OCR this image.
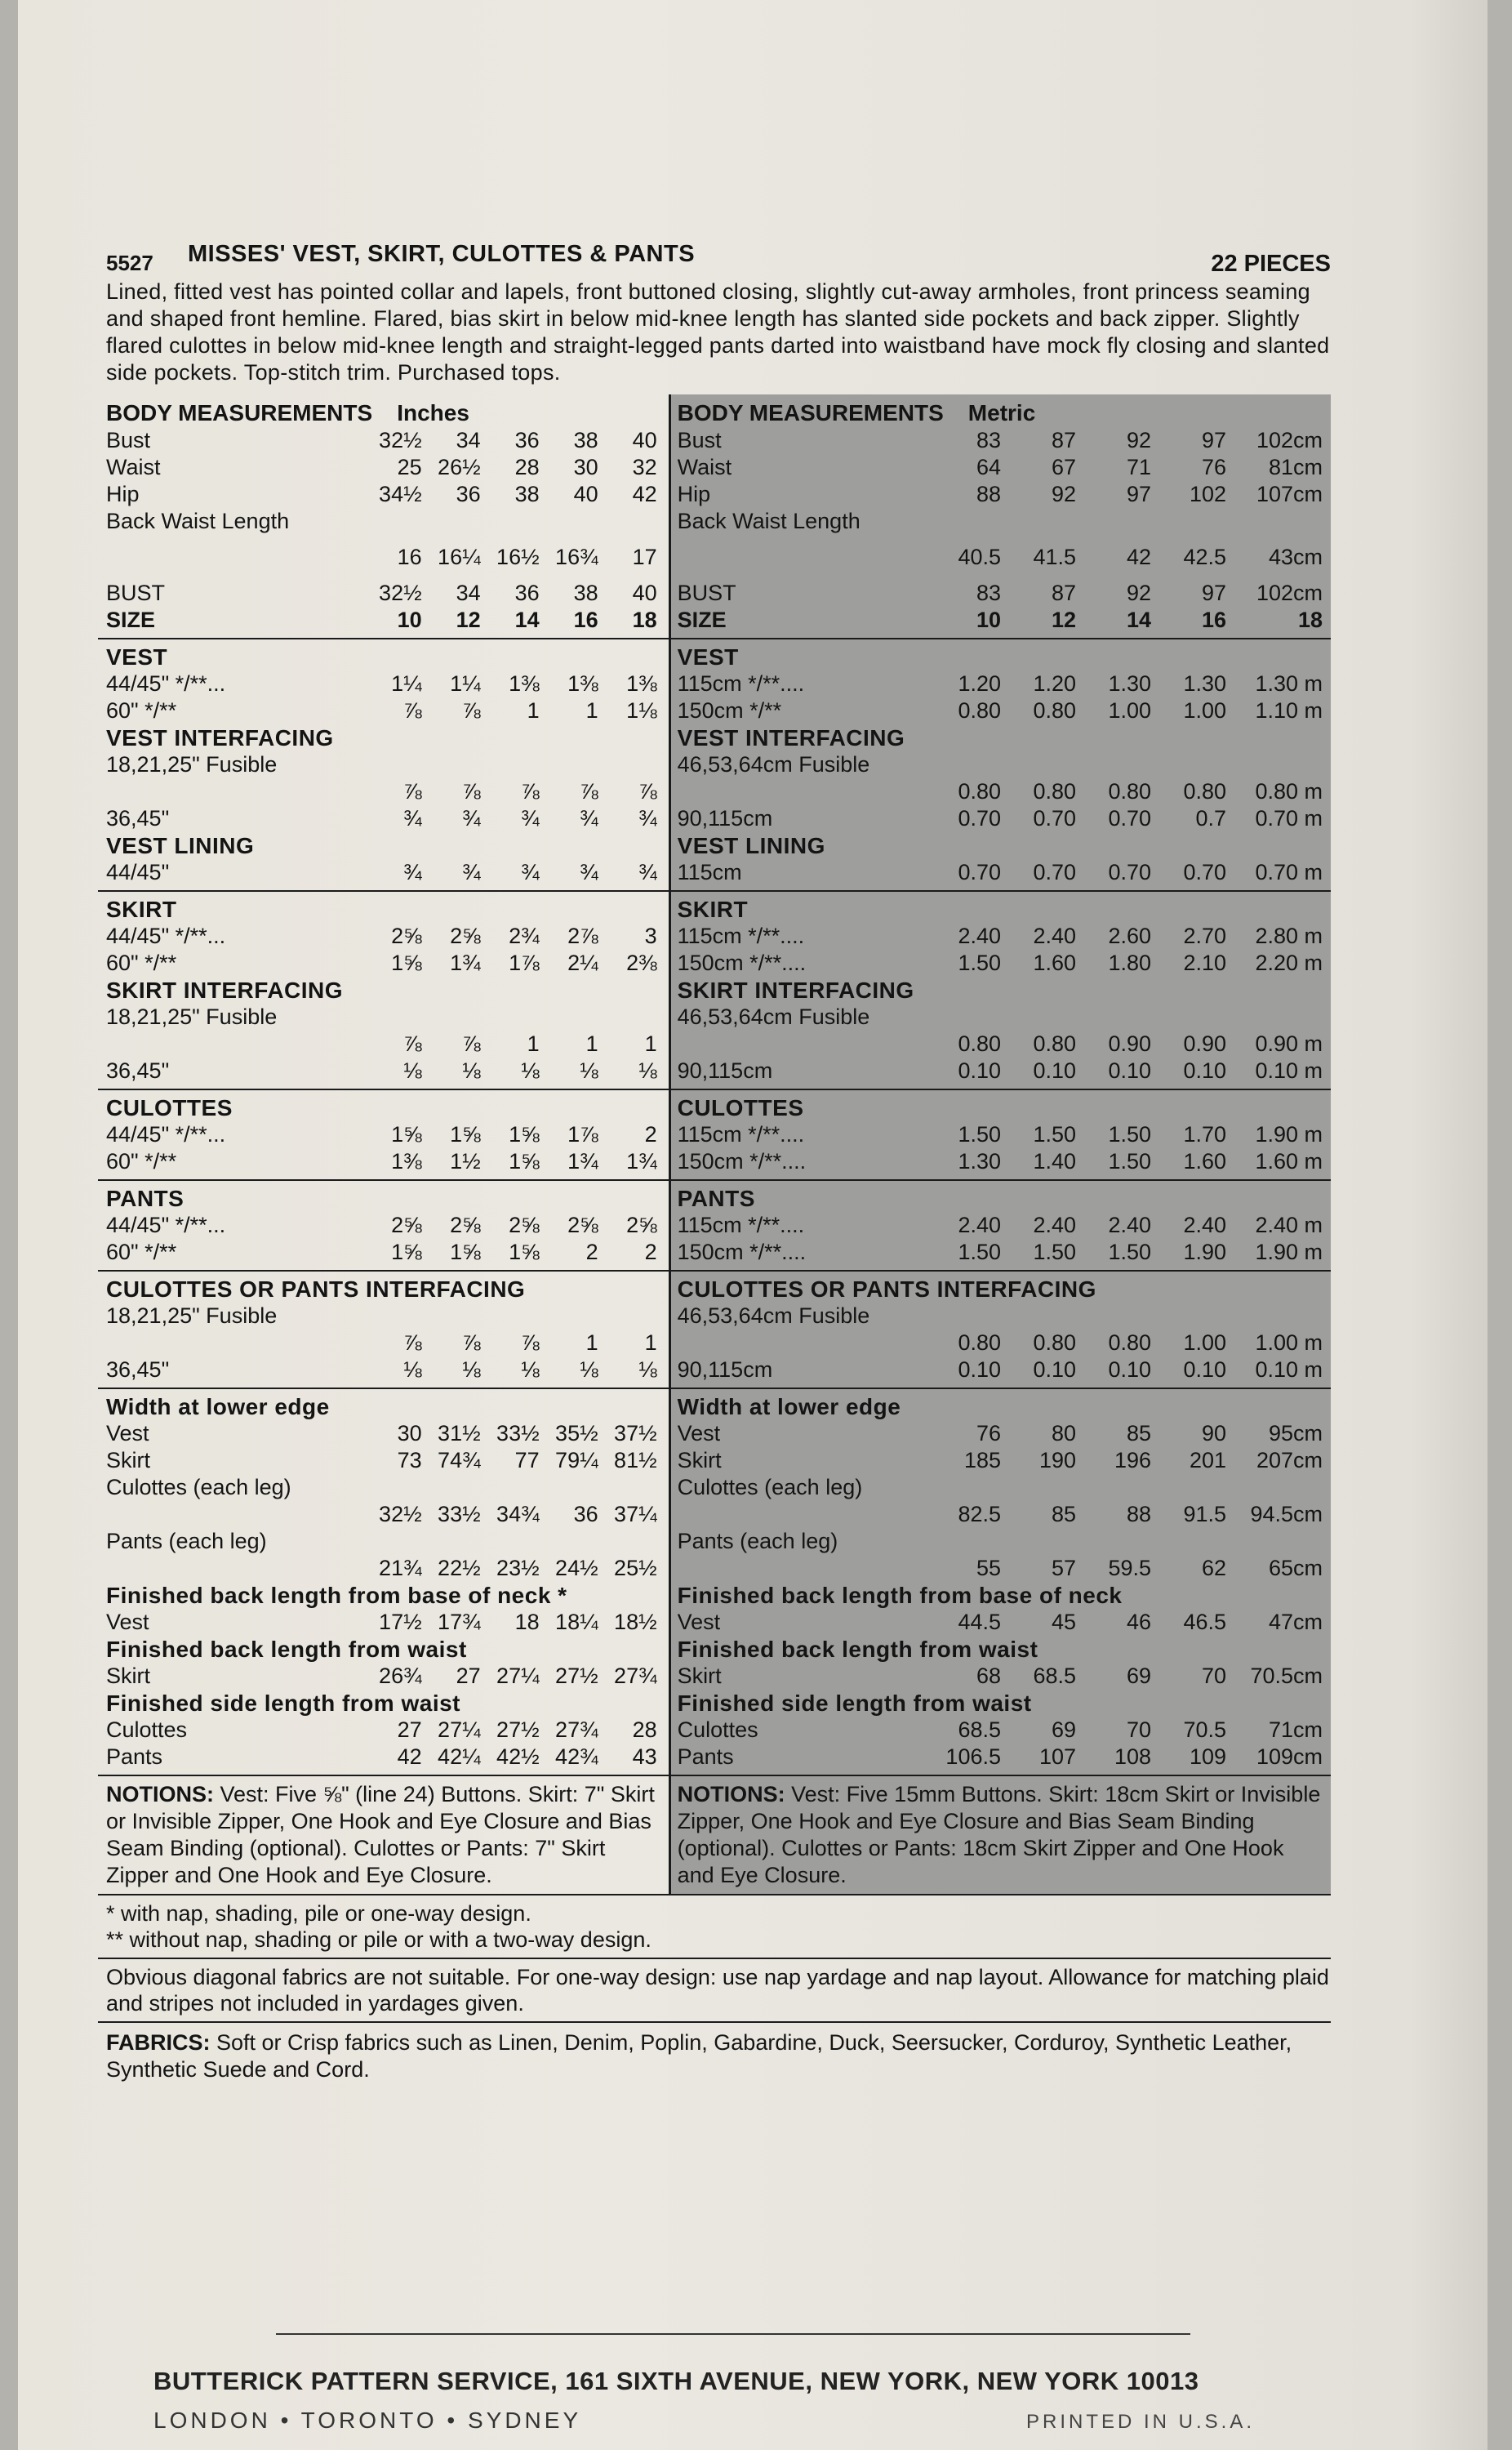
5527 MISSES' VEST, SKIRT, CULOTTES & PANTS	22 PIECES
Lined, fitted vest has pointed collar and lapels, front buttoned closing, slightly cut-away armholes, front princess seaming and shaped front hemline. Flared, bias skirt in below mid-knee length has slanted side pockets and back zipper. Slightly flared culottes in below mid-knee length and straight-legged pants darted into waistband have mock fly closing and slanted side pockets. Top-stitch trim. Purchased tops.
BODY MEASUREMENTS Inches
Bust	32½	34	36	38	40
Waist	25 26½	28	30	32
Hip	34½	36	38	40	42
Back Waist Length
16 16¼ 16½ 16¾	17
BUST	32½	34	36	38	40
SIZE	10	12	14	16	18
VEST
44/45" */**...	1¼	1¼	1⅜	1⅜	1⅜
60" */**	⅞	⅞	1	1	1⅛
VEST INTERFACING
18,21,25" Fusible
⅞	⅞	⅞	⅞	⅞
36,45"	¾	¾	¾	¾	¾
VEST LINING
44/45"	¾	¾	¾	¾	¾
SKIRT
44/45" */**...	2⅝	2⅝	2¾	2⅞	3
60" */**	1⅝	1¾	1⅞	2¼	2⅜
SKIRT INTERFACING
18,21,25" Fusible
⅞	⅞	1	1	1
36,45"	⅛	⅛	⅛	⅛	⅛
CULOTTES
44/45" */**...	1⅝	1⅝	1⅝	1⅞	2
60" */**	1⅜	1½	1⅝	1¾	1¾
PANTS
44/45" */**...	2⅝	2⅝	2⅝	2⅝	2⅝
60" */**	1⅝	1⅝	1⅝	2	2
CULOTTES OR PANTS INTERFACING
18,21,25" Fusible
⅞	⅞	⅞	1	1
36,45"	⅛	⅛	⅛	⅛	⅛
Width at lower edge
Vest	30 31½ 33½ 35½ 37½
Skirt	73 74¾	77 79¼ 81½
Culottes (each leg)
32½ 33½ 34¾	36 37¼
Pants (each leg)
21¾ 22½ 23½ 24½ 25½
Finished back length from base of neck *
Vest	17½ 17¾	18 18¼ 18½
Finished back length from waist
Skirt	26¾	27 27¼ 27½ 27¾
Finished side length from waist
Culottes	27 27¼ 27½ 27¾	28
Pants	42 42¼ 42½ 42¾	43
NOTIONS: Vest: Five ⅝" (line 24) Buttons. Skirt: 7" Skirt or Invisible Zipper, One Hook and Eye Closure and Bias Seam Binding (optional). Culottes or Pants: 7" Skirt Zipper and One Hook and Eye Closure.
BODY MEASUREMENTS Metric
Bust	83	87	92	97	102cm
Waist	64	67	71	76	81cm
Hip	88	92	97	102	107cm
Back Waist Length
40.5	41.5	42	42.5	43cm
BUST	83	87	92	97	102cm
SIZE	10	12	14	16	18
VEST
115cm */**....	1.20	1.20	1.30	1.30	1.30 m
150cm */**	0.80	0.80	1.00	1.00	1.10 m
VEST INTERFACING
46,53,64cm Fusible
0.80	0.80	0.80	0.80	0.80 m
90,115cm	0.70	0.70	0.70	0.7	0.70 m
VEST LINING
115cm	0.70	0.70	0.70	0.70	0.70 m
SKIRT
115cm */**....	2.40	2.40	2.60	2.70	2.80 m
150cm */**....	1.50	1.60	1.80	2.10	2.20 m
SKIRT INTERFACING
46,53,64cm Fusible
0.80	0.80	0.90	0.90	0.90 m
90,115cm	0.10	0.10	0.10	0.10	0.10 m
CULOTTES
115cm */**....	1.50	1.50	1.50	1.70	1.90 m
150cm */**....	1.30	1.40	1.50	1.60	1.60 m
PANTS
115cm */**....	2.40	2.40	2.40	2.40	2.40 m
150cm */**....	1.50	1.50	1.50	1.90	1.90 m
CULOTTES OR PANTS INTERFACING
46,53,64cm Fusible
0.80	0.80	0.80	1.00	1.00 m
90,115cm	0.10	0.10	0.10	0.10	0.10 m
Width at lower edge
Vest	76	80	85	90	95cm
Skirt	185	190	196	201	207cm
Culottes (each leg)
82.5	85	88	91.5	94.5cm
Pants (each leg)
55	57	59.5	62	65cm
Finished back length from base of neck
Vest	44.5	45	46	46.5	47cm
Finished back length from waist
Skirt	68	68.5	69	70	70.5cm
Finished side length from waist
Culottes	68.5	69	70	70.5	71cm
Pants	106.5	107	108	109	109cm
NOTIONS: Vest: Five 15mm Buttons. Skirt: 18cm Skirt or Invisible Zipper, One Hook and Eye Closure and Bias Seam Binding (optional). Culottes or Pants: 18cm Skirt Zipper and One Hook and Eye Closure.
* with nap, shading, pile or one-way design.
** without nap, shading or pile or with a two-way design.
Obvious diagonal fabrics are not suitable. For one-way design: use nap yardage and nap layout. Allowance for matching plaid and stripes not included in yardages given.
FABRICS: Soft or Crisp fabrics such as Linen, Denim, Poplin, Gabardine, Duck, Seersucker, Corduroy, Synthetic Leather, Synthetic Suede and Cord.
BUTTERICK PATTERN SERVICE, 161 SIXTH AVENUE, NEW YORK, NEW YORK 10013
LONDON • TORONTO • SYDNEY	PRINTED IN U.S.A.
